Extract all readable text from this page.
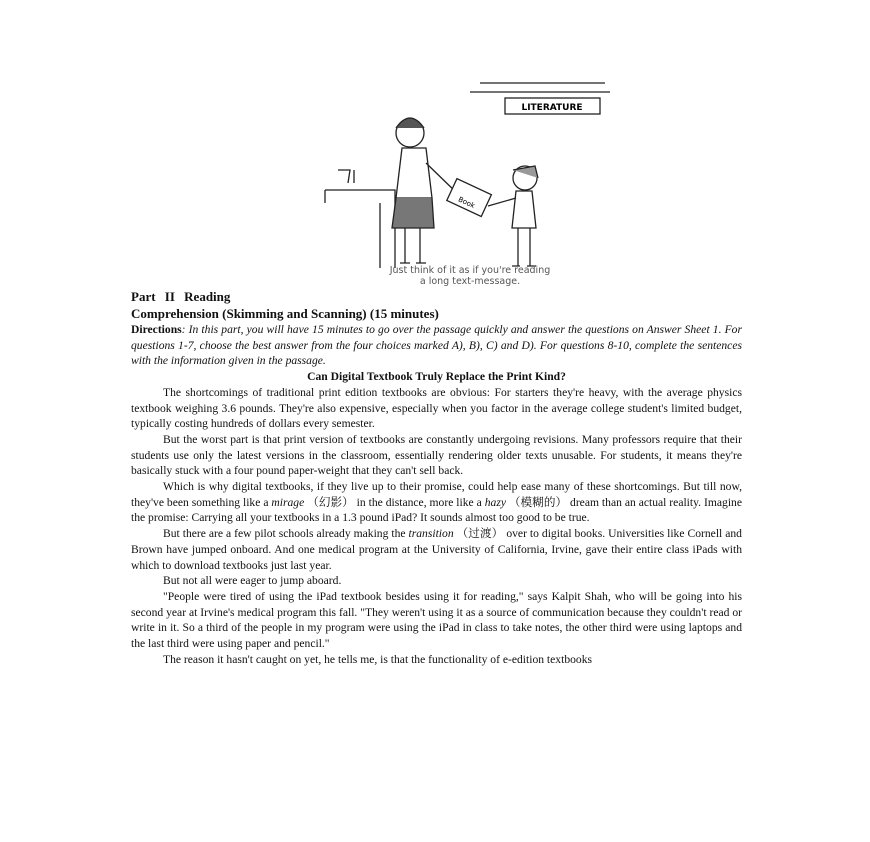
LITERATURE
Book
Just think of it as if you're reading
a long text-message.
Part II Reading
Comprehension (Skimming and Scanning) (15 minutes)

Directions: In this part, you will have 15 minutes to go over the passage quickly and answer the questions on Answer Sheet 1. For questions 1-7, choose the best answer from the four choices marked A), B), C) and D). For questions 8-10, complete the sentences with the information given in the passage.

Can Digital Textbook Truly Replace the Print Kind?

The shortcomings of traditional print edition textbooks are obvious: For starters they're heavy, with the average physics textbook weighing 3.6 pounds. They're also expensive, especially when you factor in the average college student's limited budget, typically costing hundreds of dollars every semester.

But the worst part is that print version of textbooks are constantly undergoing revisions. Many professors require that their students use only the latest versions in the classroom, essentially rendering older texts unusable. For students, it means they're basically stuck with a four pound paper-weight that they can't sell back.

Which is why digital textbooks, if they live up to their promise, could help ease many of these shortcomings. But till now, they've been something like a mirage （幻影） in the distance, more like a hazy （模糊的） dream than an actual reality. Imagine the promise: Carrying all your textbooks in a 1.3 pound iPad? It sounds almost too good to be true.

But there are a few pilot schools already making the transition （过渡） over to digital books. Universities like Cornell and Brown have jumped onboard. And one medical program at the University of California, Irvine, gave their entire class iPads with which to download textbooks just last year.

But not all were eager to jump aboard.

"People were tired of using the iPad textbook besides using it for reading," says Kalpit Shah, who will be going into his second year at Irvine's medical program this fall. "They weren't using it as a source of communication because they couldn't read or write in it. So a third of the people in my program were using the iPad in class to take notes, the other third were using laptops and the last third were using paper and pencil."

The reason it hasn't caught on yet, he tells me, is that the functionality of e-edition textbooks
